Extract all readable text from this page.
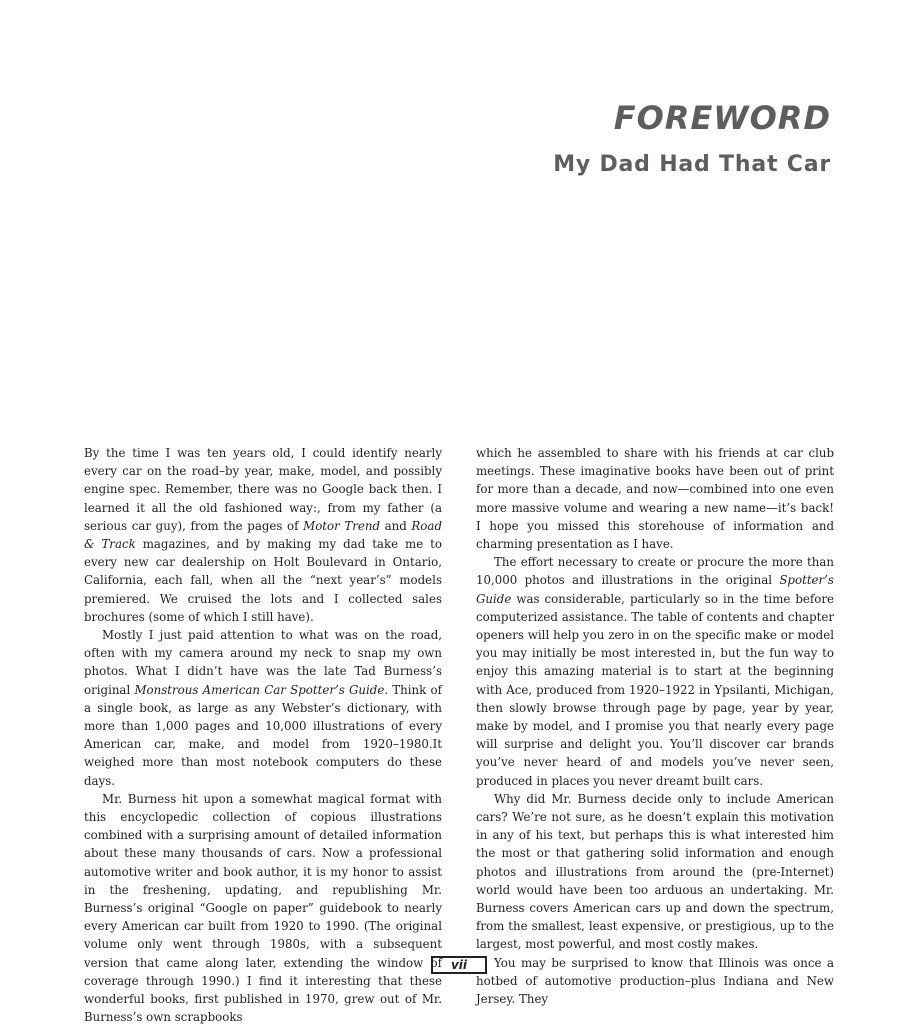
FOREWORD
My Dad Had That Car

By the time I was ten years old, I could identify nearly every car on the road–by year, make, model, and possibly engine spec. Remember, there was no Google back then. I learned it all the old fashioned way:, from my father (a serious car guy), from the pages of Motor Trend and Road & Track magazines, and by making my dad take me to every new car dealership on Holt Boulevard in Ontario, California, each fall, when all the “next year’s” models premiered. We cruised the lots and I collected sales brochures (some of which I still have).

Mostly I just paid attention to what was on the road, often with my camera around my neck to snap my own photos. What I didn’t have was the late Tad Burness’s original Monstrous American Car Spotter’s Guide. Think of a single book, as large as any Webster’s dictionary, with more than 1,000 pages and 10,000 illustrations of every American car, make, and model from 1920–1980.It weighed more than most notebook computers do these days.

Mr. Burness hit upon a somewhat magical format with this encyclopedic collection of copious illustrations combined with a surprising amount of detailed information about these many thousands of cars. Now a professional automotive writer and book author, it is my honor to assist in the freshening, updating, and republishing Mr. Burness’s original “Google on paper” guidebook to nearly every American car built from 1920 to 1990. (The original volume only went through 1980s, with a subsequent version that came along later, extending the window of coverage through 1990.) I find it interesting that these wonderful books, first published in 1970, grew out of Mr. Burness’s own scrapbooks

which he assembled to share with his friends at car club meetings. These imaginative books have been out of print for more than a decade, and now—combined into one even more massive volume and wearing a new name—it’s back! I hope you missed this storehouse of information and charming presentation as I have.

The effort necessary to create or procure the more than 10,000 photos and illustrations in the original Spotter’s Guide was considerable, particularly so in the time before computerized assistance. The table of contents and chapter openers will help you zero in on the specific make or model you may initially be most interested in, but the fun way to enjoy this amazing material is to start at the beginning with Ace, produced from 1920–1922 in Ypsilanti, Michigan, then slowly browse through page by page, year by year, make by model, and I promise you that nearly every page will surprise and delight you. You’ll discover car brands you’ve never heard of and models you’ve never seen, produced in places you never dreamt built cars.

Why did Mr. Burness decide only to include American cars? We’re not sure, as he doesn’t explain this motivation in any of his text, but perhaps this is what interested him the most or that gathering solid information and enough photos and illustrations from around the (pre-Internet) world would have been too arduous an undertaking. Mr. Burness covers American cars up and down the spectrum, from the smallest, least expensive, or prestigious, up to the largest, most powerful, and most costly makes.

You may be surprised to know that Illinois was once a hotbed of automotive production–plus Indiana and New Jersey. They

vii
